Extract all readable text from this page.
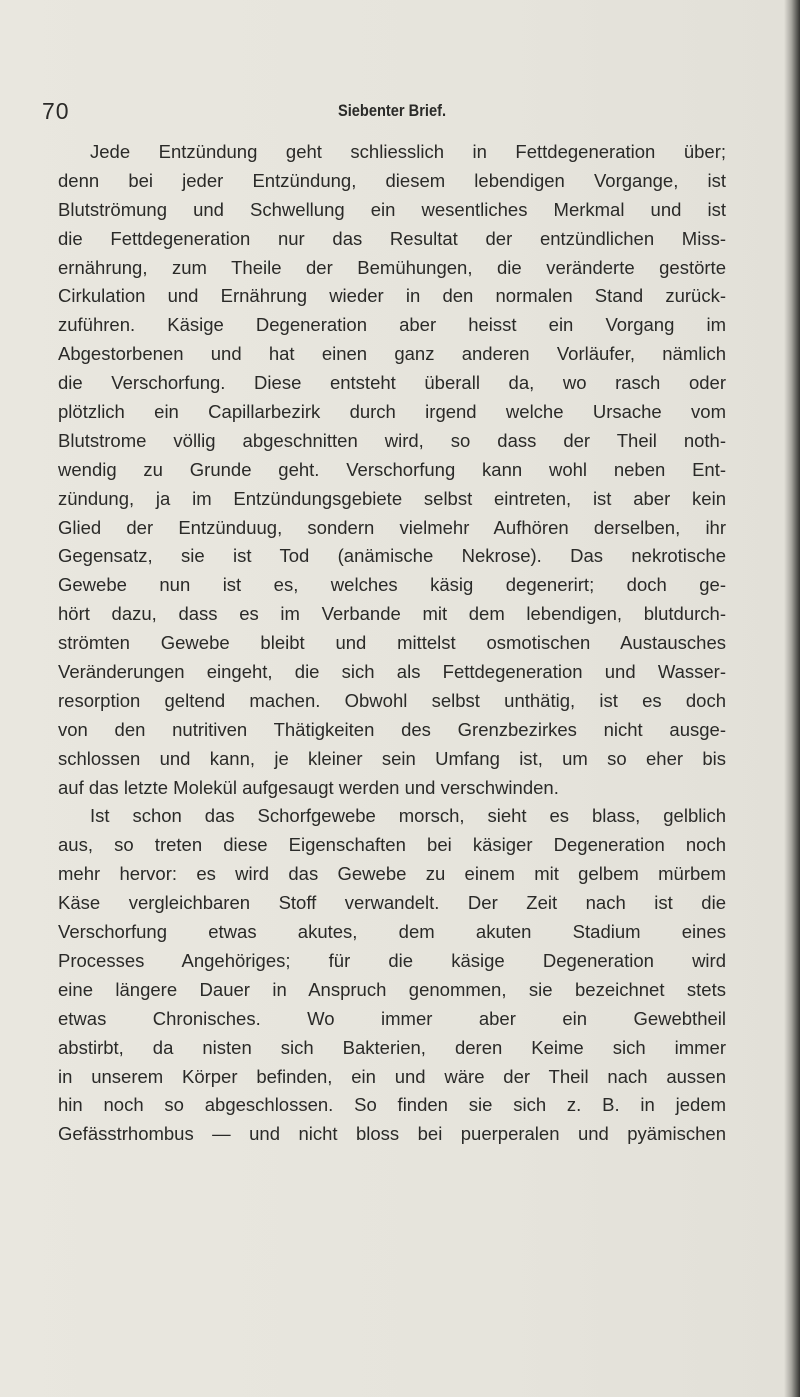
70	Siebenter Brief.
Jede Entzündung geht schliesslich in Fettdegeneration über;
denn bei jeder Entzündung, diesem lebendigen Vorgange, ist
Blutströmung und Schwellung ein wesentliches Merkmal und ist
die Fettdegeneration nur das Resultat der entzündlichen Miss-
ernährung, zum Theile der Bemühungen, die veränderte gestörte
Cirkulation und Ernährung wieder in den normalen Stand zurück-
zuführen. Käsige Degeneration aber heisst ein Vorgang im
Abgestorbenen und hat einen ganz anderen Vorläufer, nämlich
die Verschorfung. Diese entsteht überall da, wo rasch oder
plötzlich ein Capillarbezirk durch irgend welche Ursache vom
Blutstrome völlig abgeschnitten wird, so dass der Theil noth-
wendig zu Grunde geht. Verschorfung kann wohl neben Ent-
zündung, ja im Entzündungsgebiete selbst eintreten, ist aber kein
Glied der Entzünduug, sondern vielmehr Aufhören derselben, ihr
Gegensatz, sie ist Tod (anämische Nekrose). Das nekrotische
Gewebe nun ist es, welches käsig degenerirt; doch ge-
hört dazu, dass es im Verbande mit dem lebendigen, blutdurch-
strömten Gewebe bleibt und mittelst osmotischen Austausches
Veränderungen eingeht, die sich als Fettdegeneration und Wasser-
resorption geltend machen. Obwohl selbst unthätig, ist es doch
von den nutritiven Thätigkeiten des Grenzbezirkes nicht ausge-
schlossen und kann, je kleiner sein Umfang ist, um so eher bis
auf das letzte Molekül aufgesaugt werden und verschwinden.
Ist schon das Schorfgewebe morsch, sieht es blass, gelblich
aus, so treten diese Eigenschaften bei käsiger Degeneration noch
mehr hervor: es wird das Gewebe zu einem mit gelbem mürbem
Käse vergleichbaren Stoff verwandelt. Der Zeit nach ist die
Verschorfung etwas akutes, dem akuten Stadium eines
Processes Angehöriges; für die käsige Degeneration wird
eine längere Dauer in Anspruch genommen, sie bezeichnet stets
etwas Chronisches. Wo immer aber ein Gewebtheil
abstirbt, da nisten sich Bakterien, deren Keime sich immer
in unserem Körper befinden, ein und wäre der Theil nach aussen
hin noch so abgeschlossen. So finden sie sich z. B. in jedem
Gefässtrhombus — und nicht bloss bei puerperalen und pyämischen
